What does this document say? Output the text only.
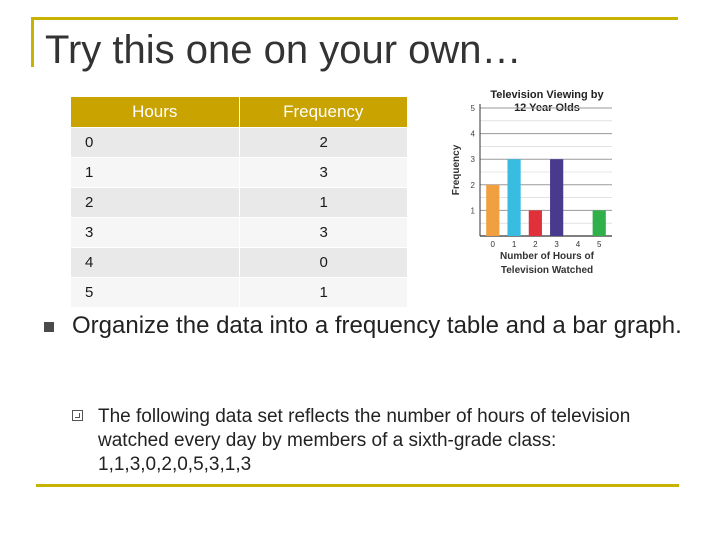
Try this one on your own…
Hours	Frequency
0	2
1	3
2	1
3	3
4	0
5	1
Television Viewing by
12 Year Olds
1
2
3
4
5
0 1 2 3 4 5
Number of Hours of
Television Watched
Frequency
Organize the data into a frequency table and a bar graph.
The following data set reflects the number of hours of television watched every day by members of a sixth-grade class: 1,1,3,0,2,0,5,3,1,3
